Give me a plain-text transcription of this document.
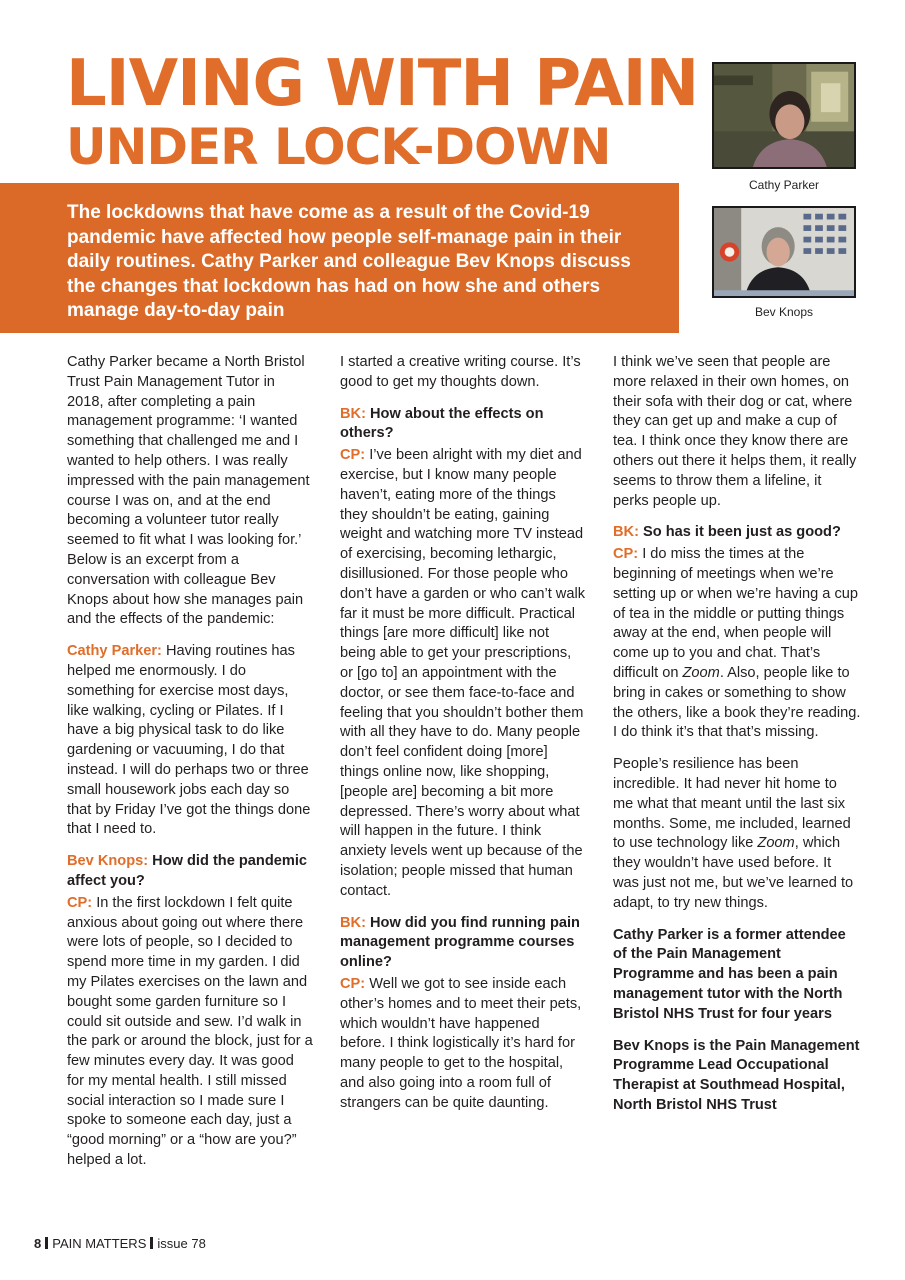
LIVING WITH PAIN
UNDER LOCK-DOWN

The lockdowns that have come as a result of the Covid-19 pandemic have affected how people self-manage pain in their daily routines. Cathy Parker and colleague Bev Knops discuss the changes that lockdown has had on how she and others manage day-to-day pain

Cathy Parker
Bev Knops

Cathy Parker became a North Bristol Trust Pain Management Tutor in 2018, after completing a pain management programme: ‘I wanted something that challenged me and I wanted to help others. I was really impressed with the pain management course I was on, and at the end becoming a volunteer tutor really seemed to fit what I was looking for.’ Below is an excerpt from a conversation with colleague Bev Knops about how she manages pain and the effects of the pandemic:

Cathy Parker: Having routines has helped me enormously. I do something for exercise most days, like walking, cycling or Pilates. If I have a big physical task to do like gardening or vacuuming, I do that instead. I will do perhaps two or three small housework jobs each day so that by Friday I’ve got the things done that I need to.

Bev Knops: How did the pandemic affect you?

CP: In the first lockdown I felt quite anxious about going out where there were lots of people, so I decided to spend more time in my garden. I did my Pilates exercises on the lawn and bought some garden furniture so I could sit outside and sew. I’d walk in the park or around the block, just for a few minutes every day. It was good for my mental health. I still missed social interaction so I made sure I spoke to someone each day, just a “good morning” or a “how are you?” helped a lot.

I started a creative writing course. It’s good to get my thoughts down.

BK: How about the effects on others?

CP: I’ve been alright with my diet and exercise, but I know many people haven’t, eating more of the things they shouldn’t be eating, gaining weight and watching more TV instead of exercising, becoming lethargic, disillusioned. For those people who don’t have a garden or who can’t walk far it must be more difficult. Practical things [are more difficult] like not being able to get your prescriptions, or [go to] an appointment with the doctor, or see them face-to-face and feeling that you shouldn’t bother them with all they have to do. Many people don’t feel confident doing [more] things online now, like shopping, [people are] becoming a bit more depressed. There’s worry about what will happen in the future. I think anxiety levels went up because of the isolation; people missed that human contact.

BK: How did you find running pain management programme courses online?

CP: Well we got to see inside each other’s homes and to meet their pets, which wouldn’t have happened before. I think logistically it’s hard for many people to get to the hospital, and also going into a room full of strangers can be quite daunting.

I think we’ve seen that people are more relaxed in their own homes, on their sofa with their dog or cat, where they can get up and make a cup of tea. I think once they know there are others out there it helps them, it really seems to throw them a lifeline, it perks people up.

BK: So has it been just as good?

CP: I do miss the times at the beginning of meetings when we’re setting up or when we’re having a cup of tea in the middle or putting things away at the end, when people will come up to you and chat. That’s difficult on Zoom. Also, people like to bring in cakes or something to show the others, like a book they’re reading. I do think it’s that that’s missing.

People’s resilience has been incredible. It had never hit home to me what that meant until the last six months. Some, me included, learned to use technology like Zoom, which they wouldn’t have used before. It was just not me, but we’ve learned to adapt, to try new things.

Cathy Parker is a former attendee of the Pain Management Programme and has been a pain management tutor with the North Bristol NHS Trust for four years

Bev Knops is the Pain Management Programme Lead Occupational Therapist at Southmead Hospital, North Bristol NHS Trust

8 PAIN MATTERS issue 78
